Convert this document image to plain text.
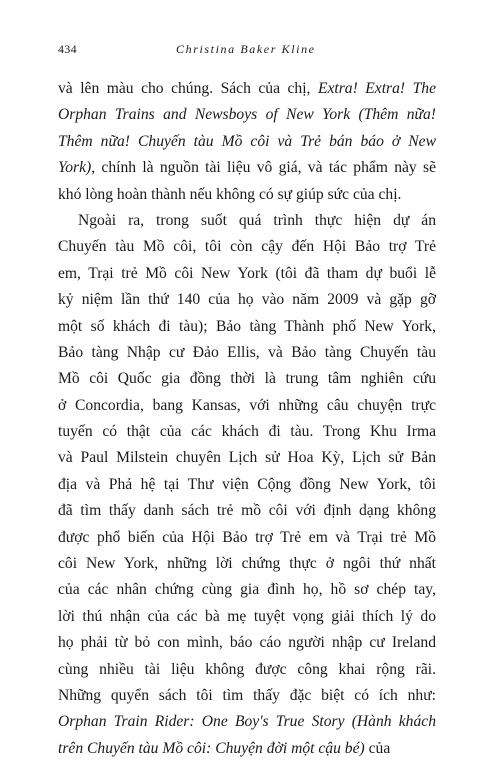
434	Christina Baker Kline
và lên màu cho chúng. Sách của chị, Extra! Extra! The
Orphan Trains and Newsboys of New York (Thêm nữa!
Thêm nữa! Chuyến tàu Mồ côi và Trẻ bán báo ở New
York), chính là nguồn tài liệu vô giá, và tác phẩm này sẽ
khó lòng hoàn thành nếu không có sự giúp sức của chị.
Ngoài ra, trong suốt quá trình thực hiện dự án
Chuyến tàu Mồ côi, tôi còn cậy đến Hội Bảo trợ Trẻ
em, Trại trẻ Mồ côi New York (tôi đã tham dự buổi lễ
kỷ niệm lần thứ 140 của họ vào năm 2009 và gặp gỡ
một số khách đi tàu); Bảo tàng Thành phố New York,
Bảo tàng Nhập cư Đảo Ellis, và Bảo tàng Chuyến tàu
Mồ côi Quốc gia đồng thời là trung tâm nghiên cứu
ở Concordia, bang Kansas, với những câu chuyện trực
tuyến có thật của các khách đi tàu. Trong Khu Irma
và Paul Milstein chuyên Lịch sử Hoa Kỳ, Lịch sử Bản
địa và Phả hệ tại Thư viện Cộng đồng New York, tôi
đã tìm thấy danh sách trẻ mồ côi với định dạng không
được phổ biến của Hội Bảo trợ Trẻ em và Trại trẻ Mồ
côi New York, những lời chứng thực ở ngôi thứ nhất
của các nhân chứng cùng gia đình họ, hồ sơ chép tay,
lời thú nhận của các bà mẹ tuyệt vọng giải thích lý do
họ phải từ bỏ con mình, báo cáo người nhập cư Ireland
cùng nhiều tài liệu không được công khai rộng rãi.
Những quyển sách tôi tìm thấy đặc biệt có ích như:
Orphan Train Rider: One Boy's True Story (Hành khách
trên Chuyến tàu Mồ côi: Chuyện đời một cậu bé) của
